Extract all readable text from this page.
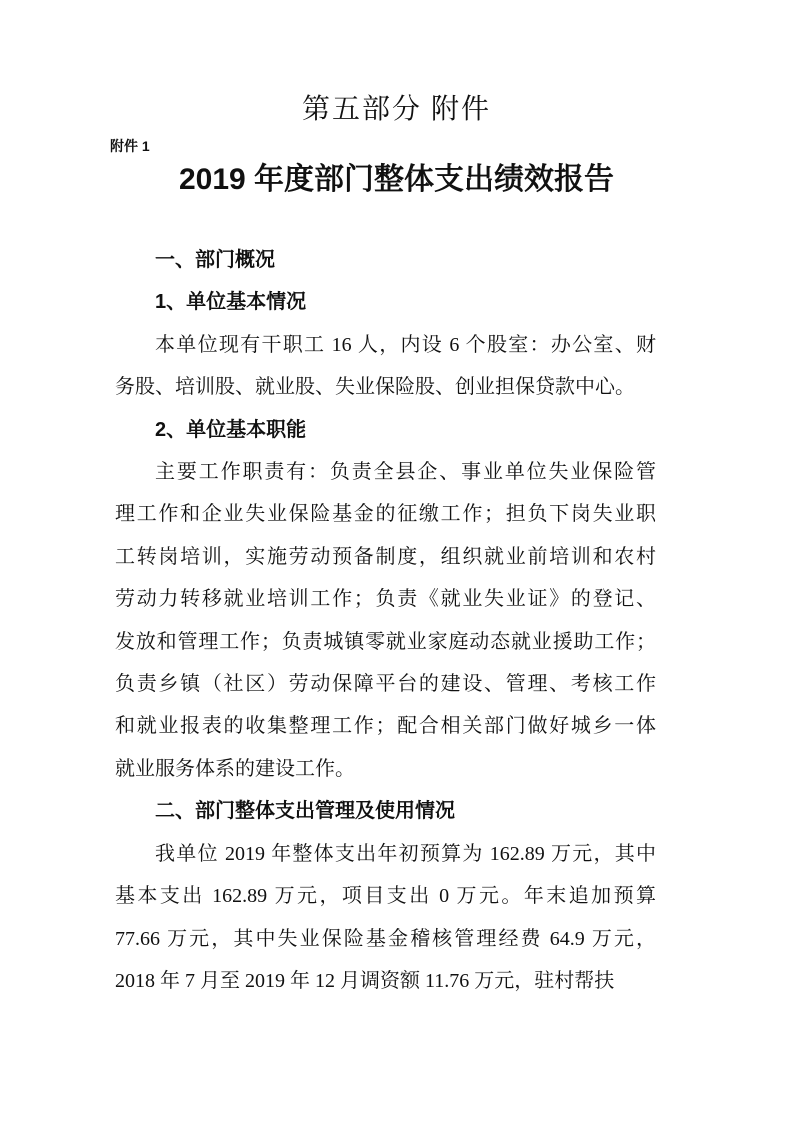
第五部分 附件
附件 1
2019 年度部门整体支出绩效报告
一、部门概况
1、单位基本情况
本单位现有干职工 16 人，内设 6 个股室：办公室、财
务股、培训股、就业股、失业保险股、创业担保贷款中心。
2、单位基本职能
主要工作职责有：负责全县企、事业单位失业保险管
理工作和企业失业保险基金的征缴工作；担负下岗失业职
工转岗培训，实施劳动预备制度，组织就业前培训和农村
劳动力转移就业培训工作；负责《就业失业证》的登记、
发放和管理工作；负责城镇零就业家庭动态就业援助工作；
负责乡镇（社区）劳动保障平台的建设、管理、考核工作
和就业报表的收集整理工作；配合相关部门做好城乡一体
就业服务体系的建设工作。
二、部门整体支出管理及使用情况
我单位 2019 年整体支出年初预算为 162.89 万元，其中
基本支出 162.89 万元，项目支出 0 万元。年末追加预算
77.66 万元，其中失业保险基金稽核管理经费 64.9 万元，
2018 年 7 月至 2019 年 12 月调资额 11.76 万元，驻村帮扶
